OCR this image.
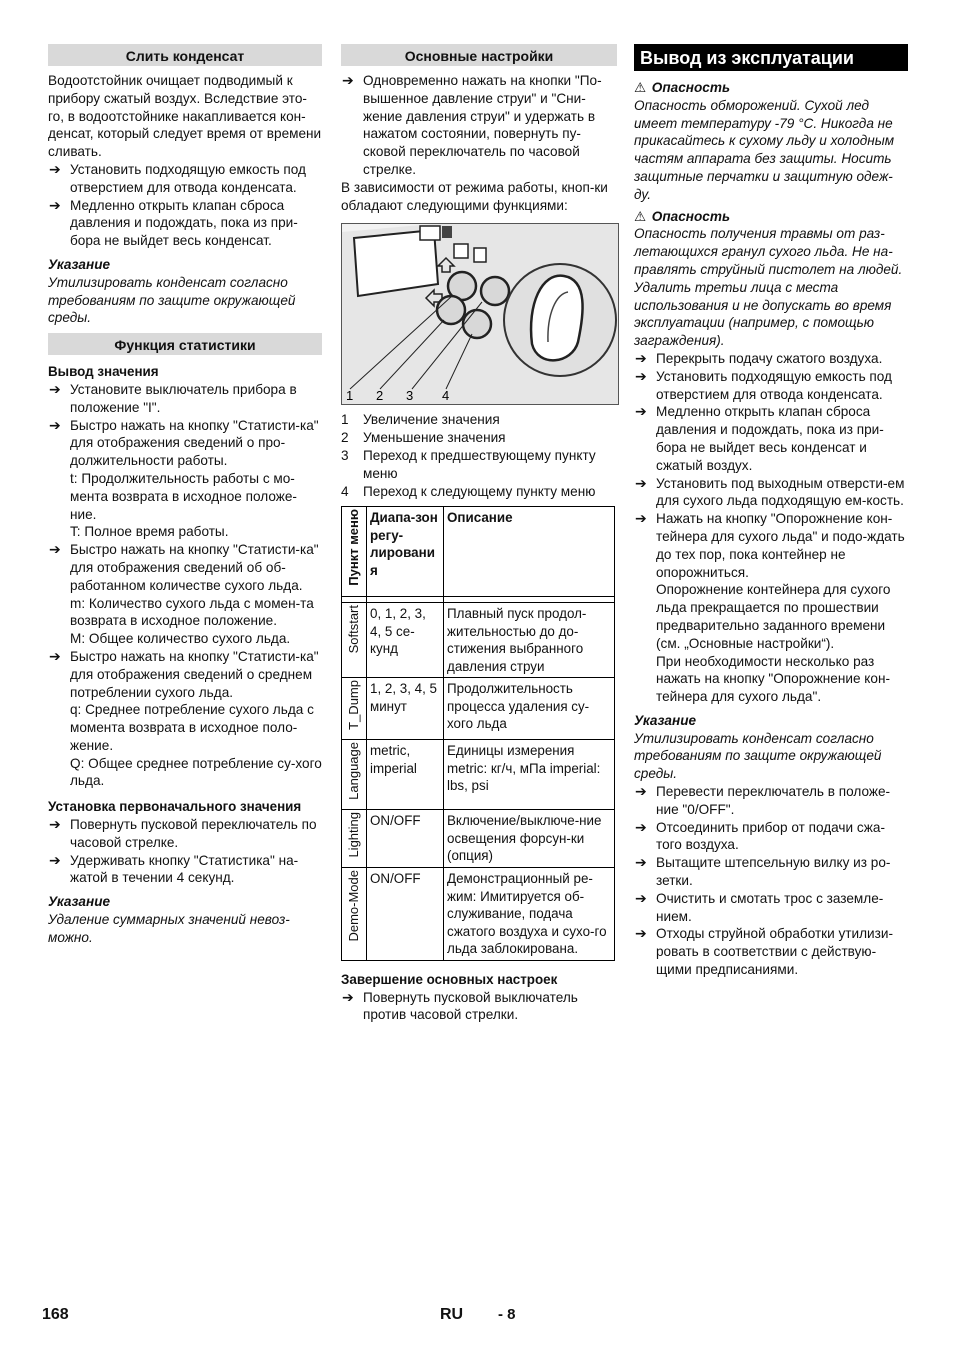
Слить конденсат

Водоотстойник очищает подводимый к прибору сжатый воздух. Вследствие это-го, в водоотстойнике накапливается кон-денсат, который следует время от времени сливать.

➔ Установить подходящую емкость под отверстием для отвода конденсата.
➔ Медленно открыть клапан сброса давления и подождать, пока из при-бора не выйдет весь конденсат.
Указание

Утилизировать конденсат согласно требованиям по защите окружающей среды.

Функция статистики
Вывод значения
➔ Установите выключатель прибора в положение "I".
➔ Быстро нажать на кнопку "Статисти-ка" для отображения сведений о про-должительности работы.

t: Продолжительность работы с мо-мента возврата в исходное положе-ние.

T: Полное время работы.

➔ Быстро нажать на кнопку "Статисти-ка" для отображения сведений об об-работанном количестве сухого льда.

m: Количество сухого льда с момен-та возврата в исходное положение.

M: Общее количество сухого льда.

➔ Быстро нажать на кнопку "Статисти-ка" для отображения сведений о среднем потреблении сухого льда.

q: Среднее потребление сухого льда с момента возврата в исходное поло-жение.

Q: Общее среднее потребление су-хого льда.

Установка первоначального значения
➔ Повернуть пусковой переключатель по часовой стрелке.
➔ Удерживать кнопку "Статистика" на-жатой в течении 4 секунд.
Указание

Удаление суммарных значений невоз-можно.

Основные настройки
➔ Одновременно нажать на кнопки "По-вышенное давление струи" и "Сни-жение давления струи" и удержать в нажатом состоянии, повернуть пу-сковой переключатель по часовой стрелке.

В зависимости от режима работы, кноп-ки обладают следующими функциями:

1 2 3 4
1 Увеличение значения
2 Уменьшение значения
3 Переход к предшествующему пункту меню
4 Переход к следующему пункту меню
Пункт меню	Диапа-зон регу-лировани я	Описание

Softstart	0, 1, 2, 3, 4, 5 се-кунд	Плавный пуск продол-жительностью до до-стижения выбранного давления струи

T_Dump	1, 2, 3, 4, 5 минут	Продолжительность процесса удаления су-хого льда

Language	metric, imperial	Единицы измерения metric: кг/ч, мПа imperial: lbs, psi

Lighting	ON/OFF	Включение/выключе-ние освещения форсун-ки (опция)

Demo-Mode	ON/OFF	Демонстрационный ре-жим: Имитируется об-служивание, подача сжатого воздуха и сухо-го льда заблокирована.
Завершение основных настроек
➔ Повернуть пусковой выключатель против часовой стрелки.
Вывод из эксплуатации
⚠ Опасность

Опасность обморожений. Сухой лед имеет температуру -79 °C. Никогда не прикасайтесь к сухому льду и холодным частям аппарата без защиты. Носить защитные перчатки и защитную одеж-ду.

⚠ Опасность

Опасность получения травмы от раз-летающихся гранул сухого льда. Не на-правлять струйный пистолет на людей. Удалить третьи лица с места использования и не допускать во время эксплуатации (например, с помощью заграждения).

➔ Перекрыть подачу сжатого воздуха.
➔ Установить подходящую емкость под отверстием для отвода конденсата.
➔ Медленно открыть клапан сброса давления и подождать, пока из при-бора не выйдет весь конденсат и сжатый воздух.
➔ Установить под выходным отверсти-ем для сухого льда подходящую ем-кость.
➔ Нажать на кнопку "Опорожнение кон-тейнера для сухого льда" и подо-ждать до тех пор, пока контейнер не опорожниться.

Опорожнение контейнера для сухого льда прекращается по прошествии предварительно заданного времени (см. „Основные настройки“).

При необходимости несколько раз нажать на кнопку "Опорожнение кон-тейнера для сухого льда".

Указание

Утилизировать конденсат согласно требованиям по защите окружающей среды.

➔ Перевести переключатель в положе-ние "0/OFF".
➔ Отсоединить прибор от подачи сжа-того воздуха.
➔ Вытащите штепсельную вилку из ро-зетки.
➔ Очистить и смотать трос с заземле-нием.
➔ Отходы струйной обработки утилизи-ровать в соответствии с действую-щими предписаниями.
168	RU - 8
